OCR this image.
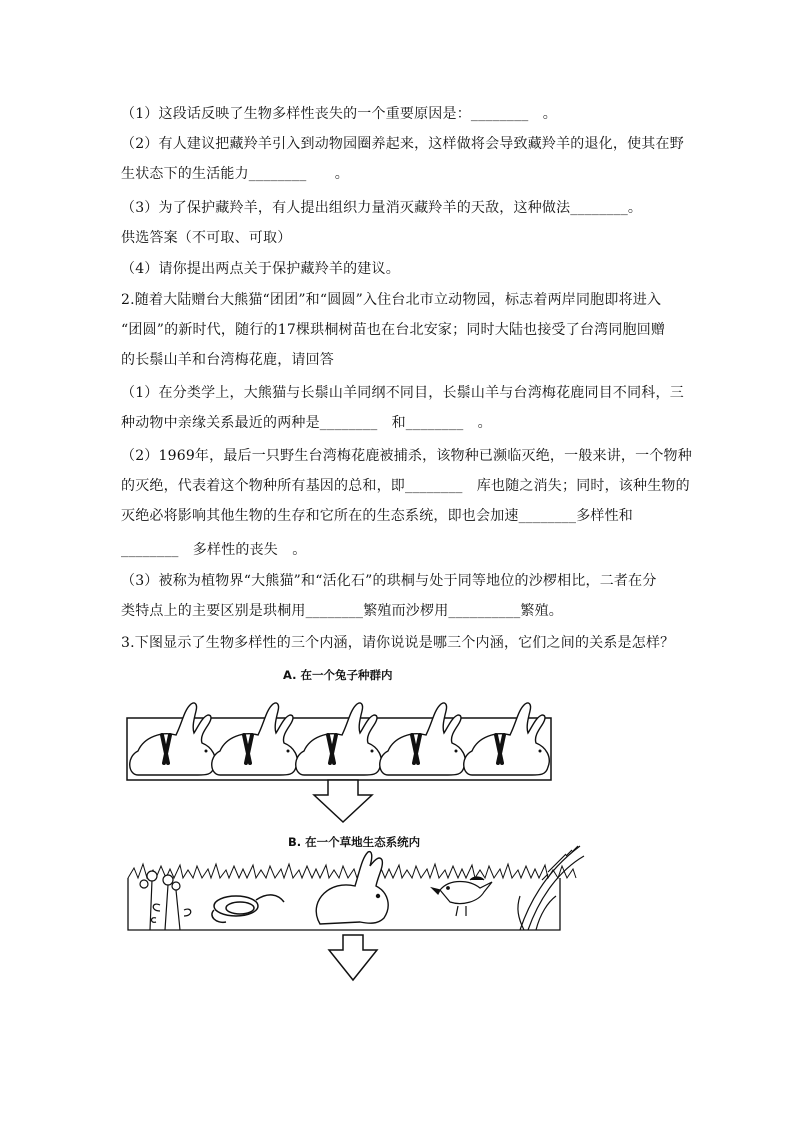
（1）这段话反映了生物多样性丧失的一个重要原因是：________　。
（2）有人建议把藏羚羊引入到动物园圈养起来，这样做将会导致藏羚羊的退化，使其在野
生状态下的生活能力________　　。
（3）为了保护藏羚羊，有人提出组织力量消灭藏羚羊的天敌，这种做法________。
供选答案（不可取、可取）
（4）请你提出两点关于保护藏羚羊的建议。
2.随着大陆赠台大熊猫“团团”和“圆圆”入住台北市立动物园，标志着两岸同胞即将进入
“团圆”的新时代，随行的17棵珙桐树苗也在台北安家；同时大陆也接受了台湾同胞回赠
的长鬃山羊和台湾梅花鹿，请回答
（1）在分类学上，大熊猫与长鬃山羊同纲不同目，长鬃山羊与台湾梅花鹿同目不同科，三
种动物中亲缘关系最近的两种是________　和________　。
（2）1969年，最后一只野生台湾梅花鹿被捕杀，该物种已濒临灭绝，一般来讲，一个物种
的灭绝，代表着这个物种所有基因的总和，即________　库也随之消失；同时，该种生物的
灭绝必将影响其他生物的生存和它所在的生态系统，即也会加速________多样性和
________　多样性的丧失　。
（3）被称为植物界“大熊猫”和“活化石”的珙桐与处于同等地位的沙椤相比，二者在分
类特点上的主要区别是珙桐用________繁殖而沙椤用__________繁殖。
3.下图显示了生物多样性的三个内涵，请你说说是哪三个内涵，它们之间的关系是怎样？
A. 在一个兔子种群内
B. 在一个草地生态系统内
